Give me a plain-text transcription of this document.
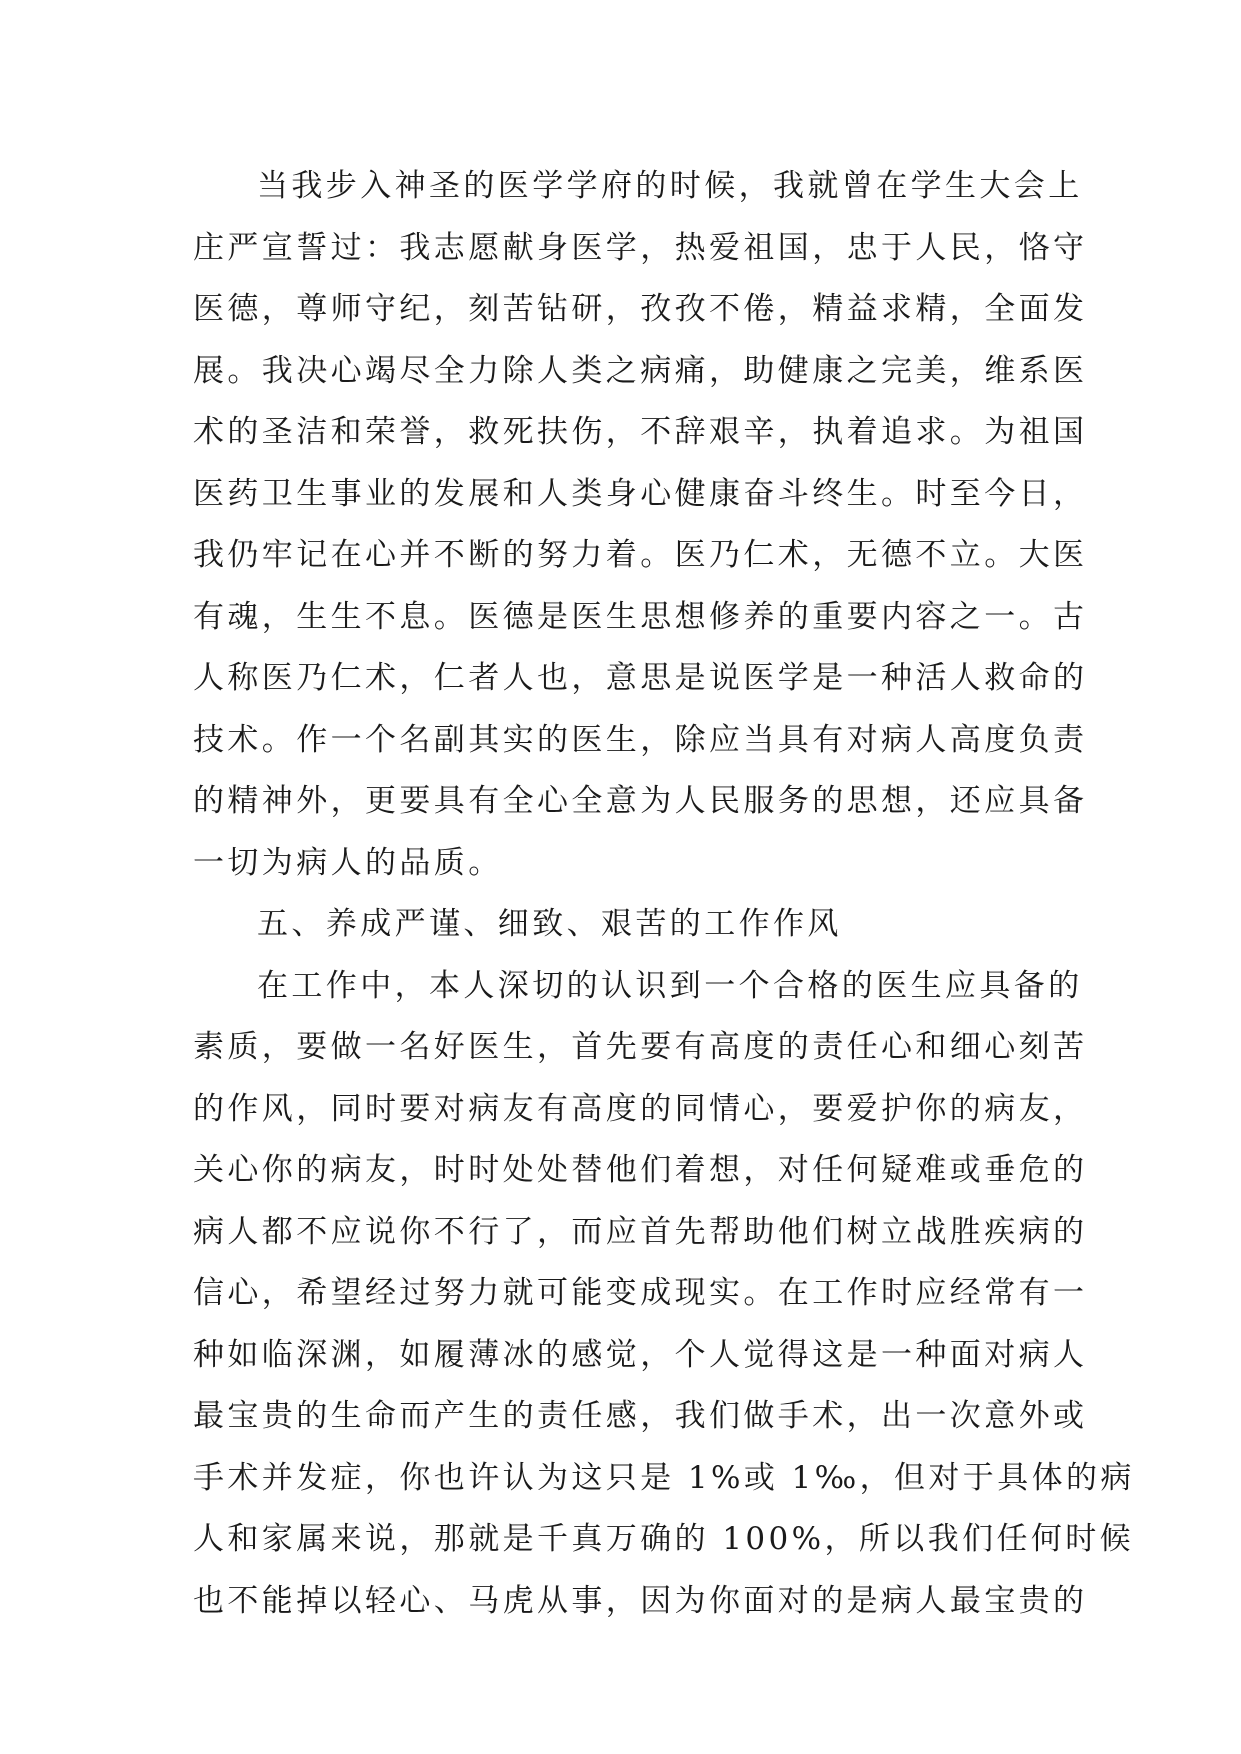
当我步入神圣的医学学府的时候，我就曾在学生大会上
庄严宣誓过：我志愿献身医学，热爱祖国，忠于人民，恪守
医德，尊师守纪，刻苦钻研，孜孜不倦，精益求精，全面发
展。我决心竭尽全力除人类之病痛，助健康之完美，维系医
术的圣洁和荣誉，救死扶伤，不辞艰辛，执着追求。为祖国
医药卫生事业的发展和人类身心健康奋斗终生。时至今日，
我仍牢记在心并不断的努力着。医乃仁术，无德不立。大医
有魂，生生不息。医德是医生思想修养的重要内容之一。古
人称医乃仁术，仁者人也，意思是说医学是一种活人救命的
技术。作一个名副其实的医生，除应当具有对病人高度负责
的精神外，更要具有全心全意为人民服务的思想，还应具备
一切为病人的品质。
五、养成严谨、细致、艰苦的工作作风
在工作中，本人深切的认识到一个合格的医生应具备的
素质，要做一名好医生，首先要有高度的责任心和细心刻苦
的作风，同时要对病友有高度的同情心，要爱护你的病友，
关心你的病友，时时处处替他们着想，对任何疑难或垂危的
病人都不应说你不行了，而应首先帮助他们树立战胜疾病的
信心，希望经过努力就可能变成现实。在工作时应经常有一
种如临深渊，如履薄冰的感觉，个人觉得这是一种面对病人
最宝贵的生命而产生的责任感，我们做手术，出一次意外或
手术并发症，你也许认为这只是 1%或 1‰，但对于具体的病
人和家属来说，那就是千真万确的 100%，所以我们任何时候
也不能掉以轻心、马虎从事，因为你面对的是病人最宝贵的
